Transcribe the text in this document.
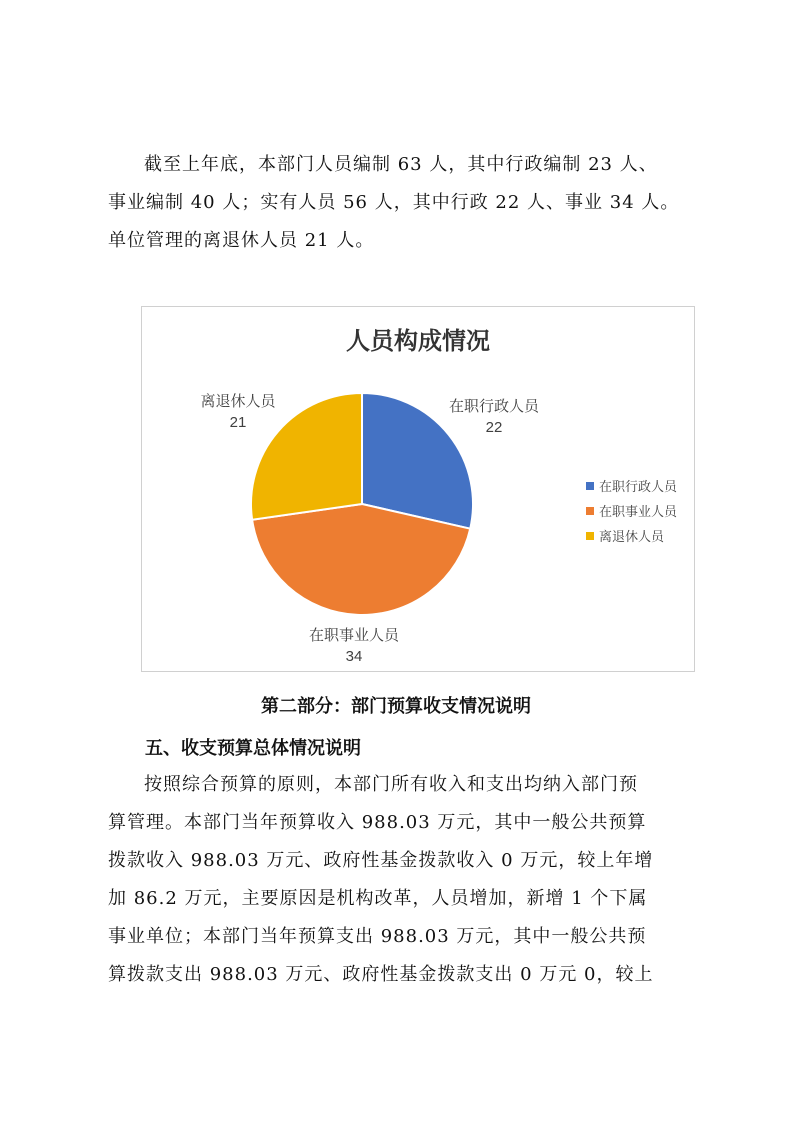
截至上年底，本部门人员编制 63 人，其中行政编制 23 人、
事业编制 40 人；实有人员 56 人，其中行政 22 人、事业 34 人。
单位管理的离退休人员 21 人。
在职行政人员
22
在职事业人员
34
离退休人员
21
人员构成情况
在职行政人员
在职事业人员
离退休人员
第二部分：部门预算收支情况说明
五、收支预算总体情况说明
按照综合预算的原则，本部门所有收入和支出均纳入部门预
算管理。本部门当年预算收入 988.03 万元，其中一般公共预算
拨款收入 988.03 万元、政府性基金拨款收入 0 万元，较上年增
加 86.2 万元，主要原因是机构改革，人员增加，新增 1 个下属
事业单位；本部门当年预算支出 988.03 万元，其中一般公共预
算拨款支出 988.03 万元、政府性基金拨款支出 0 万元 0，较上
